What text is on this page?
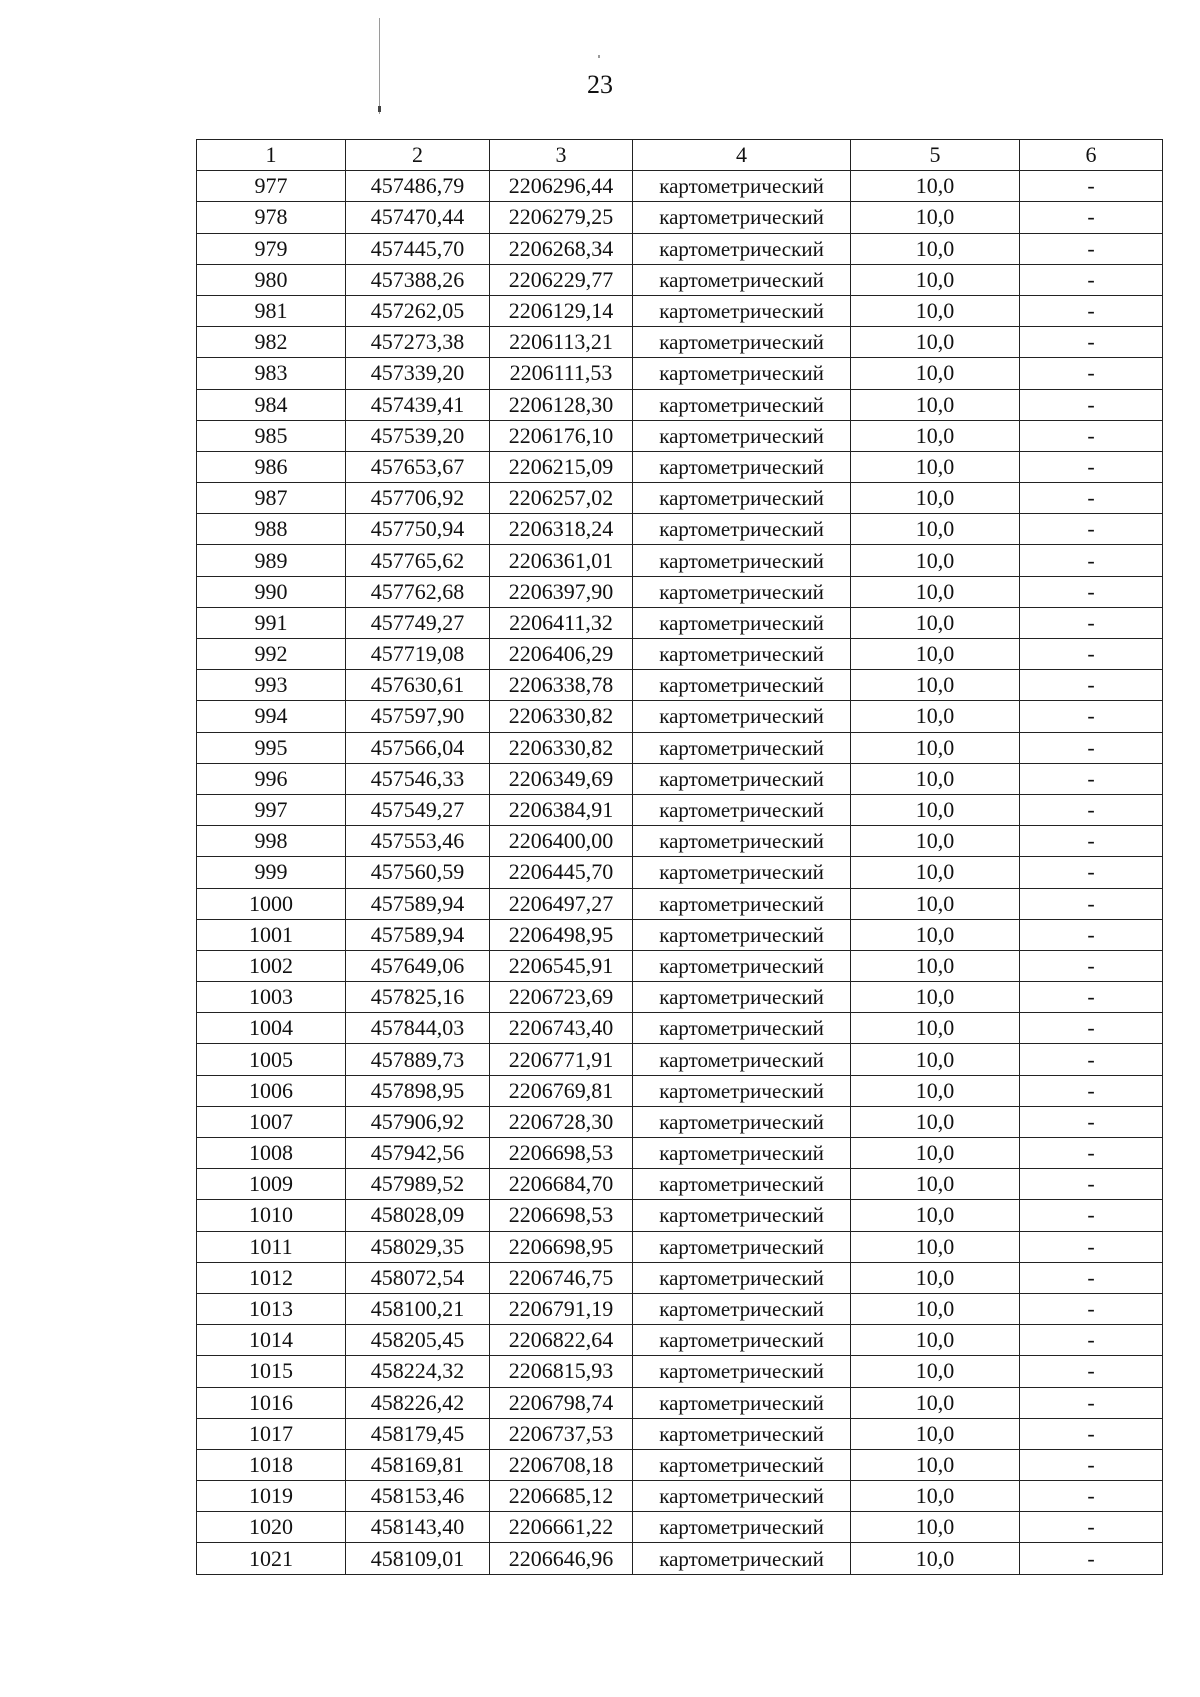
23
1	2	3	4	5	6
977	457486,79	2206296,44	картометрический	10,0	-
978	457470,44	2206279,25	картометрический	10,0	-
979	457445,70	2206268,34	картометрический	10,0	-
980	457388,26	2206229,77	картометрический	10,0	-
981	457262,05	2206129,14	картометрический	10,0	-
982	457273,38	2206113,21	картометрический	10,0	-
983	457339,20	2206111,53	картометрический	10,0	-
984	457439,41	2206128,30	картометрический	10,0	-
985	457539,20	2206176,10	картометрический	10,0	-
986	457653,67	2206215,09	картометрический	10,0	-
987	457706,92	2206257,02	картометрический	10,0	-
988	457750,94	2206318,24	картометрический	10,0	-
989	457765,62	2206361,01	картометрический	10,0	-
990	457762,68	2206397,90	картометрический	10,0	-
991	457749,27	2206411,32	картометрический	10,0	-
992	457719,08	2206406,29	картометрический	10,0	-
993	457630,61	2206338,78	картометрический	10,0	-
994	457597,90	2206330,82	картометрический	10,0	-
995	457566,04	2206330,82	картометрический	10,0	-
996	457546,33	2206349,69	картометрический	10,0	-
997	457549,27	2206384,91	картометрический	10,0	-
998	457553,46	2206400,00	картометрический	10,0	-
999	457560,59	2206445,70	картометрический	10,0	-
1000	457589,94	2206497,27	картометрический	10,0	-
1001	457589,94	2206498,95	картометрический	10,0	-
1002	457649,06	2206545,91	картометрический	10,0	-
1003	457825,16	2206723,69	картометрический	10,0	-
1004	457844,03	2206743,40	картометрический	10,0	-
1005	457889,73	2206771,91	картометрический	10,0	-
1006	457898,95	2206769,81	картометрический	10,0	-
1007	457906,92	2206728,30	картометрический	10,0	-
1008	457942,56	2206698,53	картометрический	10,0	-
1009	457989,52	2206684,70	картометрический	10,0	-
1010	458028,09	2206698,53	картометрический	10,0	-
1011	458029,35	2206698,95	картометрический	10,0	-
1012	458072,54	2206746,75	картометрический	10,0	-
1013	458100,21	2206791,19	картометрический	10,0	-
1014	458205,45	2206822,64	картометрический	10,0	-
1015	458224,32	2206815,93	картометрический	10,0	-
1016	458226,42	2206798,74	картометрический	10,0	-
1017	458179,45	2206737,53	картометрический	10,0	-
1018	458169,81	2206708,18	картометрический	10,0	-
1019	458153,46	2206685,12	картометрический	10,0	-
1020	458143,40	2206661,22	картометрический	10,0	-
1021	458109,01	2206646,96	картометрический	10,0	-
